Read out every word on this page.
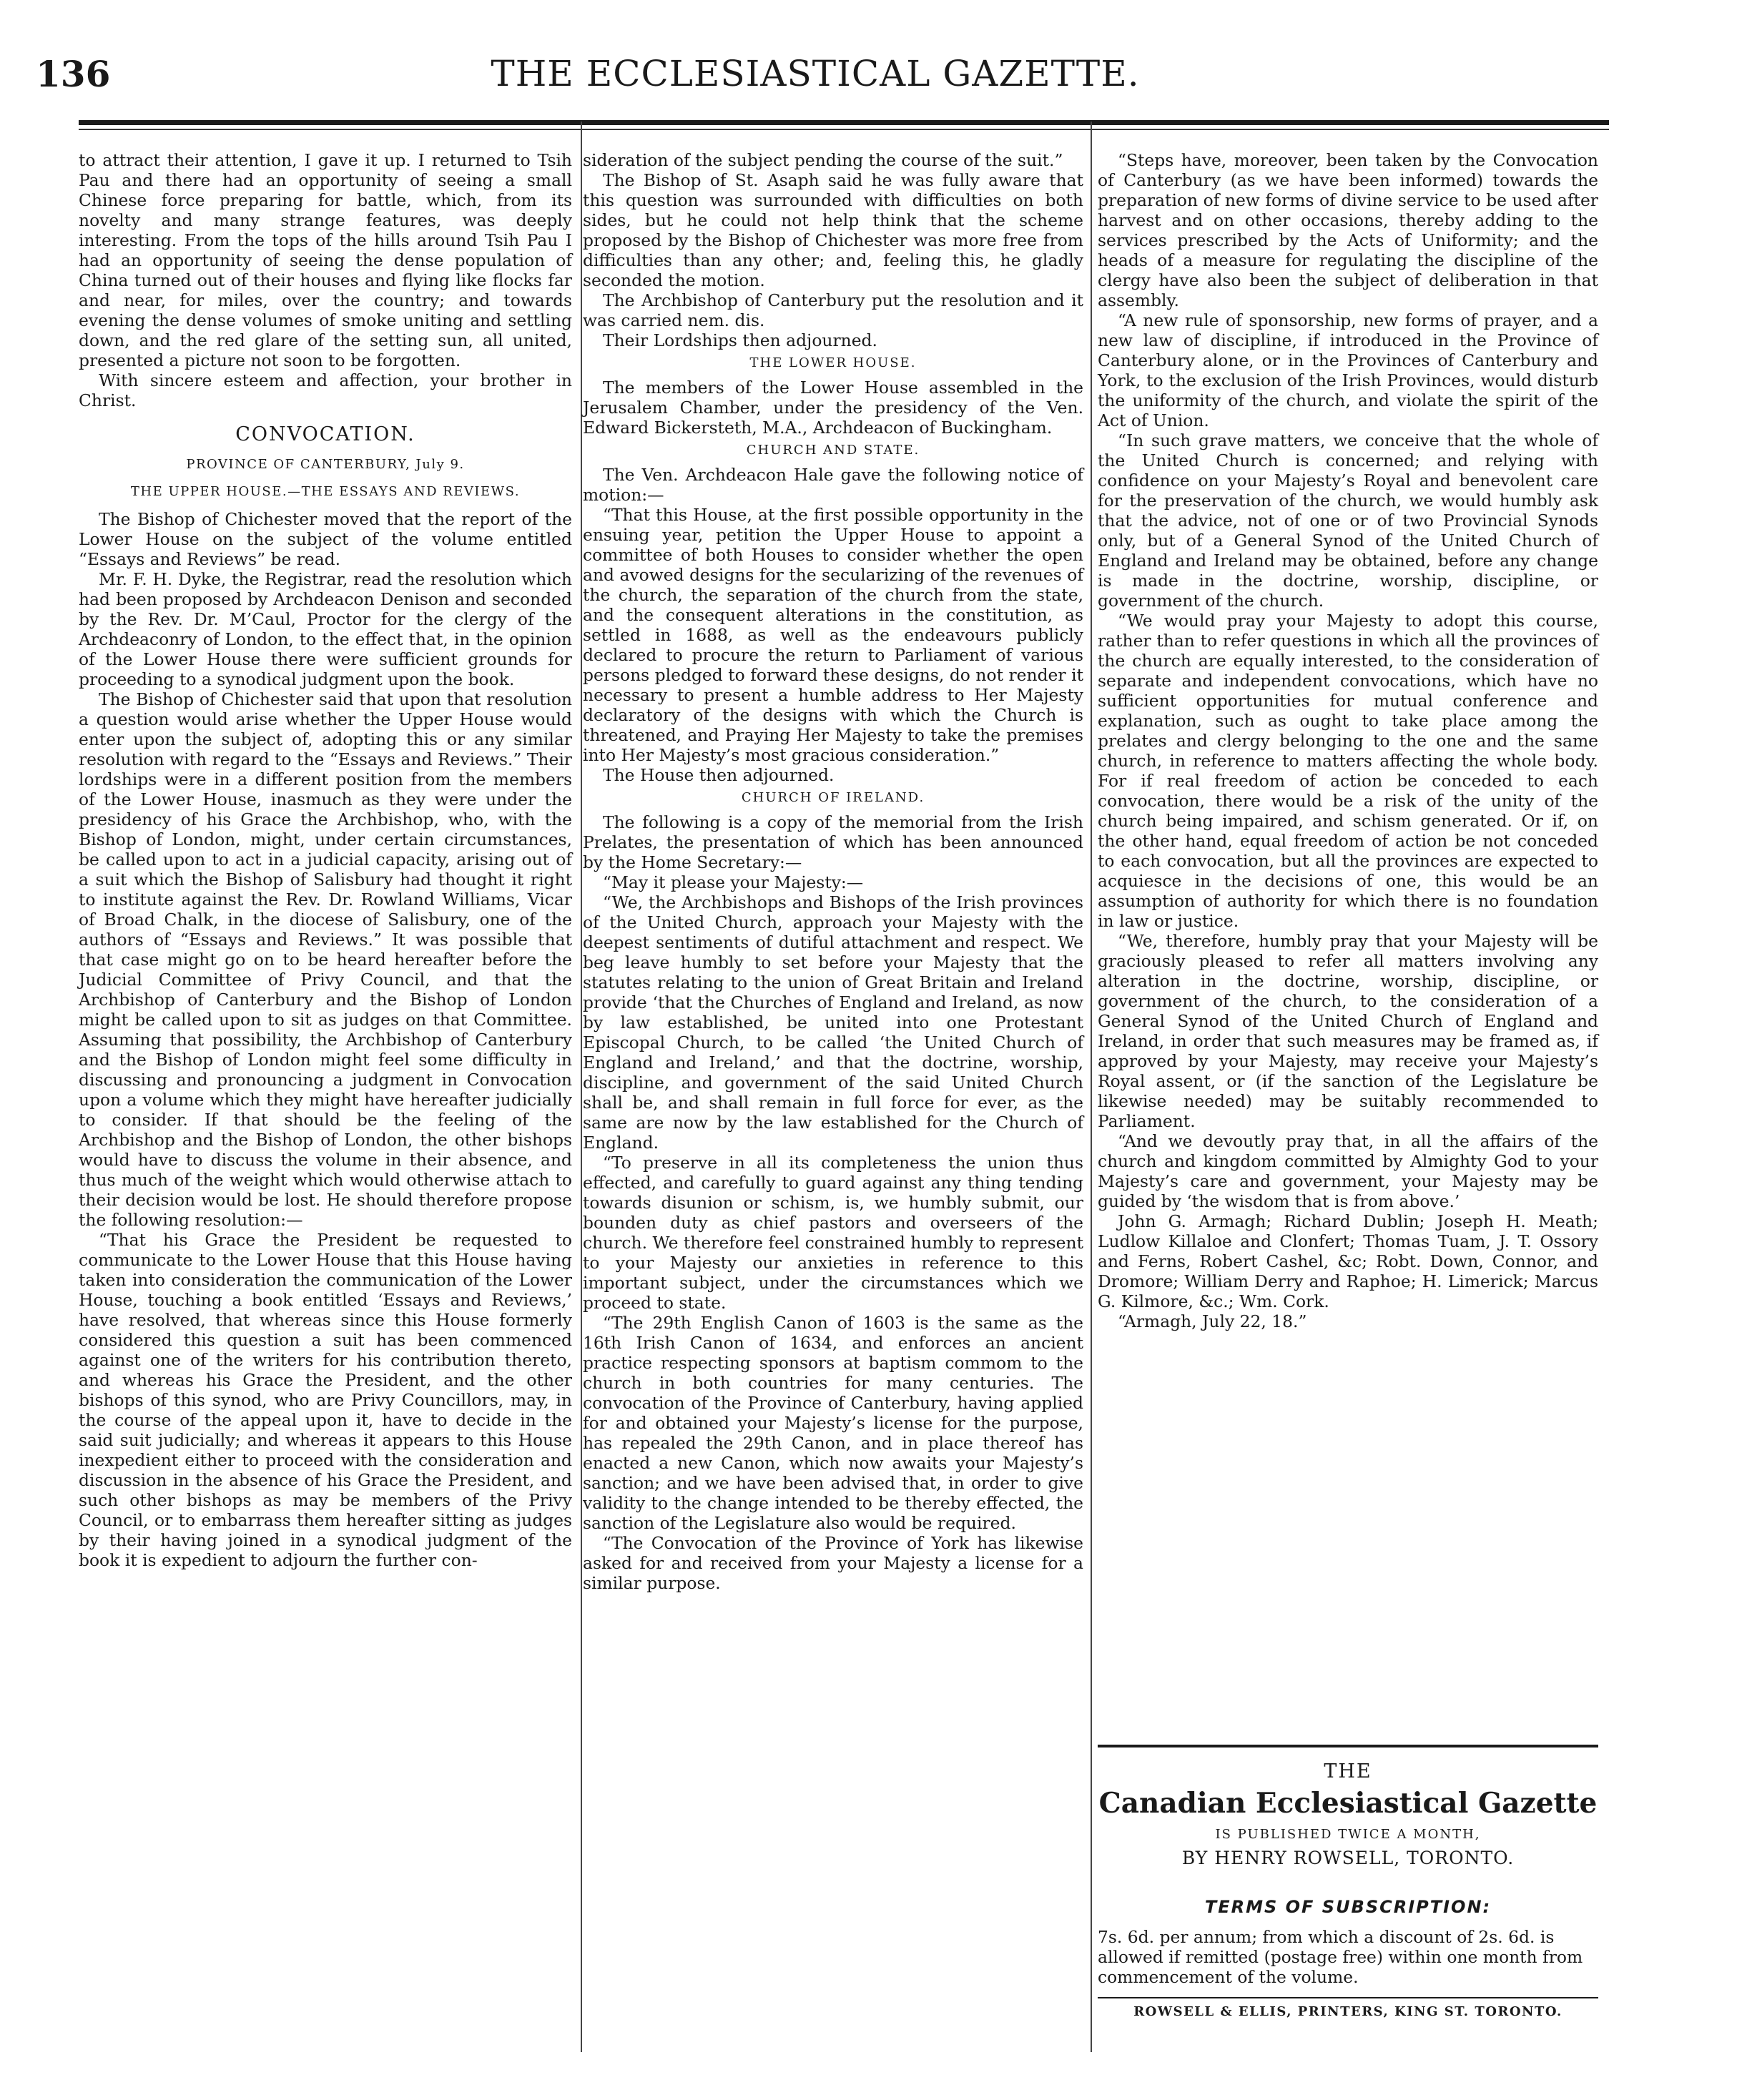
136	THE ECCLESIASTICAL GAZETTE.

to attract their attention, I gave it up. I returned to Tsih Pau and there had an opportunity of seeing a small Chinese force preparing for battle, which, from its novelty and many strange features, was deeply interesting. From the tops of the hills around Tsih Pau I had an opportunity of seeing the dense population of China turned out of their houses and flying like flocks far and near, for miles, over the country; and towards evening the dense volumes of smoke uniting and settling down, and the red glare of the setting sun, all united, presented a picture not soon to be forgotten.

With sincere esteem and affection, your brother in Christ.

CONVOCATION.
PROVINCE OF CANTERBURY, July 9.
THE UPPER HOUSE.—THE ESSAYS AND REVIEWS.

The Bishop of Chichester moved that the report of the Lower House on the subject of the volume entitled “Essays and Reviews” be read.

Mr. F. H. Dyke, the Registrar, read the resolution which had been proposed by Archdeacon Denison and seconded by the Rev. Dr. M’Caul, Proctor for the clergy of the Archdeaconry of London, to the effect that, in the opinion of the Lower House there were sufficient grounds for proceeding to a synodical judgment upon the book.

The Bishop of Chichester said that upon that resolution a question would arise whether the Upper House would enter upon the subject of, adopting this or any similar resolution with regard to the “Essays and Reviews.” Their lordships were in a different position from the members of the Lower House, inasmuch as they were under the presidency of his Grace the Archbishop, who, with the Bishop of London, might, under certain circumstances, be called upon to act in a judicial capacity, arising out of a suit which the Bishop of Salisbury had thought it right to institute against the Rev. Dr. Rowland Williams, Vicar of Broad Chalk, in the diocese of Salisbury, one of the authors of “Essays and Reviews.” It was possible that that case might go on to be heard hereafter before the Judicial Committee of Privy Council, and that the Archbishop of Canterbury and the Bishop of London might be called upon to sit as judges on that Committee. Assuming that possibility, the Archbishop of Canterbury and the Bishop of London might feel some difficulty in discussing and pronouncing a judgment in Convocation upon a volume which they might have hereafter judicially to consider. If that should be the feeling of the Archbishop and the Bishop of London, the other bishops would have to discuss the volume in their absence, and thus much of the weight which would otherwise attach to their decision would be lost. He should therefore propose the following resolution:—

“That his Grace the President be requested to communicate to the Lower House that this House having taken into consideration the communication of the Lower House, touching a book entitled ‘Essays and Reviews,’ have resolved, that whereas since this House formerly considered this question a suit has been commenced against one of the writers for his contribution thereto, and whereas his Grace the President, and the other bishops of this synod, who are Privy Councillors, may, in the course of the appeal upon it, have to decide in the said suit judicially; and whereas it appears to this House inexpedient either to proceed with the consideration and discussion in the absence of his Grace the President, and such other bishops as may be members of the Privy Council, or to embarrass them hereafter sitting as judges by their having joined in a synodical judgment of the book it is expedient to adjourn the further con-

sideration of the subject pending the course of the suit.”

The Bishop of St. Asaph said he was fully aware that this question was surrounded with difficulties on both sides, but he could not help think that the scheme proposed by the Bishop of Chichester was more free from difficulties than any other; and, feeling this, he gladly seconded the motion.

The Archbishop of Canterbury put the resolution and it was carried nem. dis.

Their Lordships then adjourned.

THE LOWER HOUSE.

The members of the Lower House assembled in the Jerusalem Chamber, under the presidency of the Ven. Edward Bickersteth, M.A., Archdeacon of Buckingham.

CHURCH AND STATE.

The Ven. Archdeacon Hale gave the following notice of motion:—

“That this House, at the first possible opportunity in the ensuing year, petition the Upper House to appoint a committee of both Houses to consider whether the open and avowed designs for the secularizing of the revenues of the church, the separation of the church from the state, and the consequent alterations in the constitution, as settled in 1688, as well as the endeavours publicly declared to procure the return to Parliament of various persons pledged to forward these designs, do not render it necessary to present a humble address to Her Majesty declaratory of the designs with which the Church is threatened, and Praying Her Majesty to take the premises into Her Majesty’s most gracious consideration.”

The House then adjourned.

CHURCH OF IRELAND.

The following is a copy of the memorial from the Irish Prelates, the presentation of which has been announced by the Home Secretary:—

“May it please your Majesty:—

“We, the Archbishops and Bishops of the Irish provinces of the United Church, approach your Majesty with the deepest sentiments of dutiful attachment and respect. We beg leave humbly to set before your Majesty that the statutes relating to the union of Great Britain and Ireland provide ‘that the Churches of England and Ireland, as now by law established, be united into one Protestant Episcopal Church, to be called ‘the United Church of England and Ireland,’ and that the doctrine, worship, discipline, and government of the said United Church shall be, and shall remain in full force for ever, as the same are now by the law established for the Church of England.

“To preserve in all its completeness the union thus effected, and carefully to guard against any thing tending towards disunion or schism, is, we humbly submit, our bounden duty as chief pastors and overseers of the church. We therefore feel constrained humbly to represent to your Majesty our anxieties in reference to this important subject, under the circumstances which we proceed to state.

“The 29th English Canon of 1603 is the same as the 16th Irish Canon of 1634, and enforces an ancient practice respecting sponsors at baptism commom to the church in both countries for many centuries. The convocation of the Province of Canterbury, having applied for and obtained your Majesty’s license for the purpose, has repealed the 29th Canon, and in place thereof has enacted a new Canon, which now awaits your Majesty’s sanction; and we have been advised that, in order to give validity to the change intended to be thereby effected, the sanction of the Legislature also would be required.

“The Convocation of the Province of York has likewise asked for and received from your Majesty a license for a similar purpose.

“Steps have, moreover, been taken by the Convocation of Canterbury (as we have been informed) towards the preparation of new forms of divine service to be used after harvest and on other occasions, thereby adding to the services prescribed by the Acts of Uniformity; and the heads of a measure for regulating the discipline of the clergy have also been the subject of deliberation in that assembly.

“A new rule of sponsorship, new forms of prayer, and a new law of discipline, if introduced in the Province of Canterbury alone, or in the Provinces of Canterbury and York, to the exclusion of the Irish Provinces, would disturb the uniformity of the church, and violate the spirit of the Act of Union.

“In such grave matters, we conceive that the whole of the United Church is concerned; and relying with confidence on your Majesty’s Royal and benevolent care for the preservation of the church, we would humbly ask that the advice, not of one or of two Provincial Synods only, but of a General Synod of the United Church of England and Ireland may be obtained, before any change is made in the doctrine, worship, discipline, or government of the church.

“We would pray your Majesty to adopt this course, rather than to refer questions in which all the provinces of the church are equally interested, to the consideration of separate and independent convocations, which have no sufficient opportunities for mutual conference and explanation, such as ought to take place among the prelates and clergy belonging to the one and the same church, in reference to matters affecting the whole body. For if real freedom of action be conceded to each convocation, there would be a risk of the unity of the church being impaired, and schism generated. Or if, on the other hand, equal freedom of action be not conceded to each convocation, but all the provinces are expected to acquiesce in the decisions of one, this would be an assumption of authority for which there is no foundation in law or justice.

“We, therefore, humbly pray that your Majesty will be graciously pleased to refer all matters involving any alteration in the doctrine, worship, discipline, or government of the church, to the consideration of a General Synod of the United Church of England and Ireland, in order that such measures may be framed as, if approved by your Majesty, may receive your Majesty’s Royal assent, or (if the sanction of the Legislature be likewise needed) may be suitably recommended to Parliament.

“And we devoutly pray that, in all the affairs of the church and kingdom committed by Almighty God to your Majesty’s care and government, your Majesty may be guided by ‘the wisdom that is from above.’

John G. Armagh; Richard Dublin; Joseph H. Meath; Ludlow Killaloe and Clonfert; Thomas Tuam, J. T. Ossory and Ferns, Robert Cashel, &c; Robt. Down, Connor, and Dromore; William Derry and Raphoe; H. Limerick; Marcus G. Kilmore, &c.; Wm. Cork.

“Armagh, July 22, 18⁠⁠.”

THE
Canadian Ecclesiastical Gazette
IS PUBLISHED TWICE A MONTH,
BY HENRY ROWSELL, TORONTO.
TERMS OF SUBSCRIPTION:
7s. 6d. per annum; from which a discount of 2s. 6d. is allowed if remitted (postage free) within one month from commencement of the volume.
ROWSELL & ELLIS, PRINTERS, KING ST. TORONTO.
